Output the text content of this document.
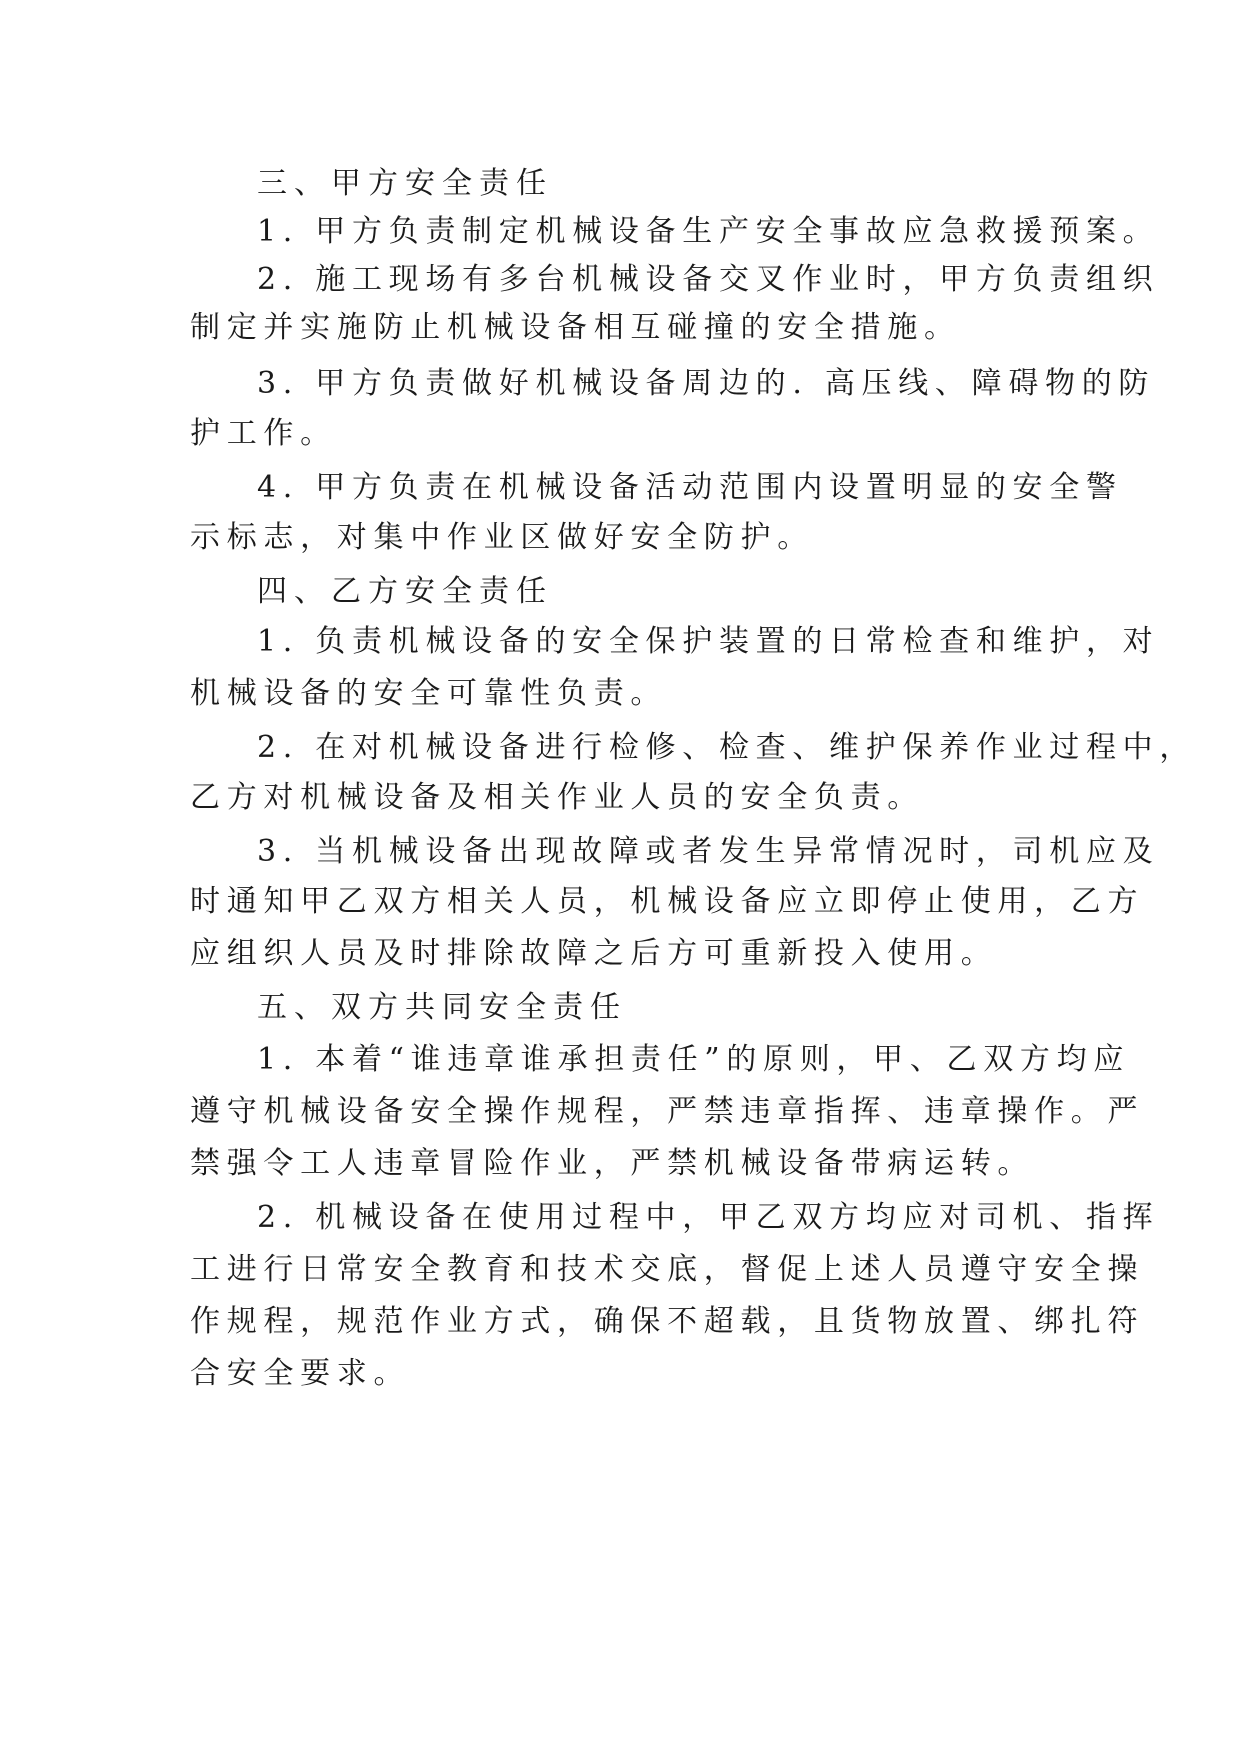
三、甲方安全责任
1. 甲方负责制定机械设备生产安全事故应急救援预案。
2. 施工现场有多台机械设备交叉作业时，甲方负责组织
制定并实施防止机械设备相互碰撞的安全措施。
3. 甲方负责做好机械设备周边的. 高压线、障碍物的防
护工作。
4. 甲方负责在机械设备活动范围内设置明显的安全警
示标志，对集中作业区做好安全防护。
四、乙方安全责任
1. 负责机械设备的安全保护装置的日常检查和维护，对
机械设备的安全可靠性负责。
2. 在对机械设备进行检修、检查、维护保养作业过程中，
乙方对机械设备及相关作业人员的安全负责。
3. 当机械设备出现故障或者发生异常情况时，司机应及
时通知甲乙双方相关人员，机械设备应立即停止使用，乙方
应组织人员及时排除故障之后方可重新投入使用。
五、双方共同安全责任
1. 本着“谁违章谁承担责任”的原则，甲、乙双方均应
遵守机械设备安全操作规程，严禁违章指挥、违章操作。严
禁强令工人违章冒险作业，严禁机械设备带病运转。
2. 机械设备在使用过程中，甲乙双方均应对司机、指挥
工进行日常安全教育和技术交底，督促上述人员遵守安全操
作规程，规范作业方式，确保不超载，且货物放置、绑扎符
合安全要求。
